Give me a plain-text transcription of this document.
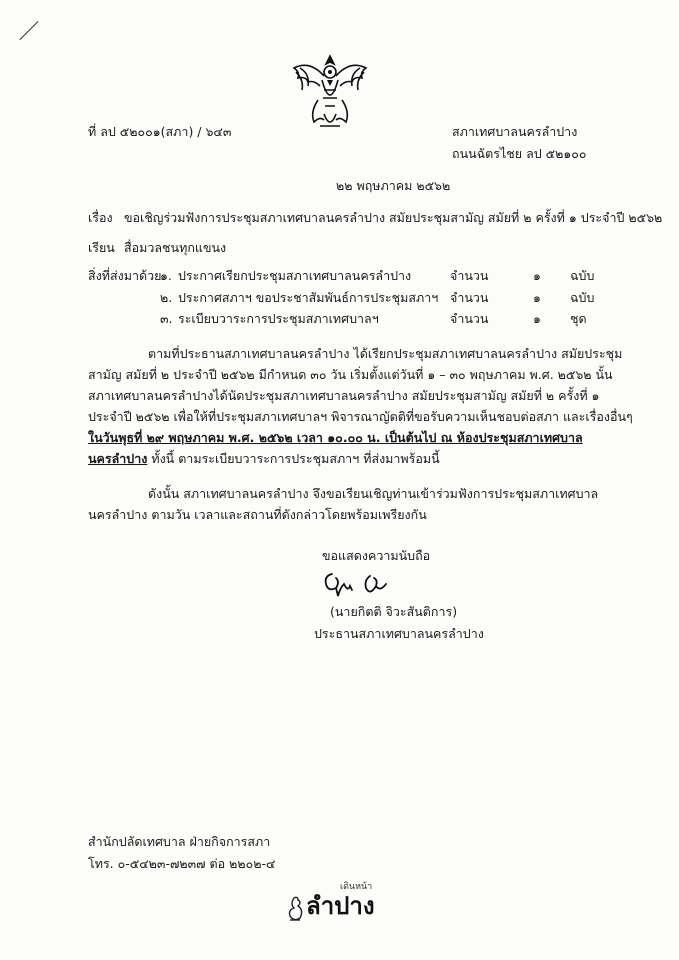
ที่ ลป ๕๒๐๐๑(สภา) / ๖๔๓	สภาเทศบาลนครลำปาง
ถนนฉัตรไชย ลป ๕๒๑๐๐
๒๒ พฤษภาคม ๒๕๖๒
เรื่อง ขอเชิญร่วมฟังการประชุมสภาเทศบาลนครลำปาง สมัยประชุมสามัญ สมัยที่ ๒ ครั้งที่ ๑ ประจำปี ๒๕๖๒
เรียน สื่อมวลชนทุกแขนง
สิ่งที่ส่งมาด้วย
๑. ประกาศเรียกประชุมสภาเทศบาลนครลำปาง	จำนวน	๑ ฉบับ
๒. ประกาศสภาฯ ขอประชาสัมพันธ์การประชุมสภาฯ จำนวน	๑ ฉบับ
๓. ระเบียบวาระการประชุมสภาเทศบาลฯ	จำนวน	๑ ชุด
ตามที่ประธานสภาเทศบาลนครลำปาง ได้เรียกประชุมสภาเทศบาลนครลำปาง สมัยประชุม
สามัญ สมัยที่ ๒ ประจำปี ๒๕๖๒ มีกำหนด ๓๐ วัน เริ่มตั้งแต่วันที่ ๑ – ๓๐ พฤษภาคม พ.ศ. ๒๕๖๒ นั้น
สภาเทศบาลนครลำปางได้นัดประชุมสภาเทศบาลนครลำปาง สมัยประชุมสามัญ สมัยที่ ๒ ครั้งที่ ๑
ประจำปี ๒๕๖๒ เพื่อให้ที่ประชุมสภาเทศบาลฯ พิจารณาญัตติที่ขอรับความเห็นชอบต่อสภา และเรื่องอื่นๆ
ในวันพุธที่ ๒๙ พฤษภาคม พ.ศ. ๒๕๖๒ เวลา ๑๐.๐๐ น. เป็นต้นไป ณ ห้องประชุมสภาเทศบาล
นครลำปาง ทั้งนี้ ตามระเบียบวาระการประชุมสภาฯ ที่ส่งมาพร้อมนี้
ดังนั้น สภาเทศบาลนครลำปาง จึงขอเรียนเชิญท่านเข้าร่วมฟังการประชุมสภาเทศบาล
นครลำปาง ตามวัน เวลาและสถานที่ดังกล่าวโดยพร้อมเพรียงกัน
ขอแสดงความนับถือ
(นายกิตติ จิวะสันติการ)
ประธานสภาเทศบาลนครลำปาง
สำนักปลัดเทศบาล ฝ่ายกิจการสภา
โทร. ๐-๕๔๒๓-๗๒๓๗ ต่อ ๒๒๐๒-๔
เดินหน้า
ลำปาง
